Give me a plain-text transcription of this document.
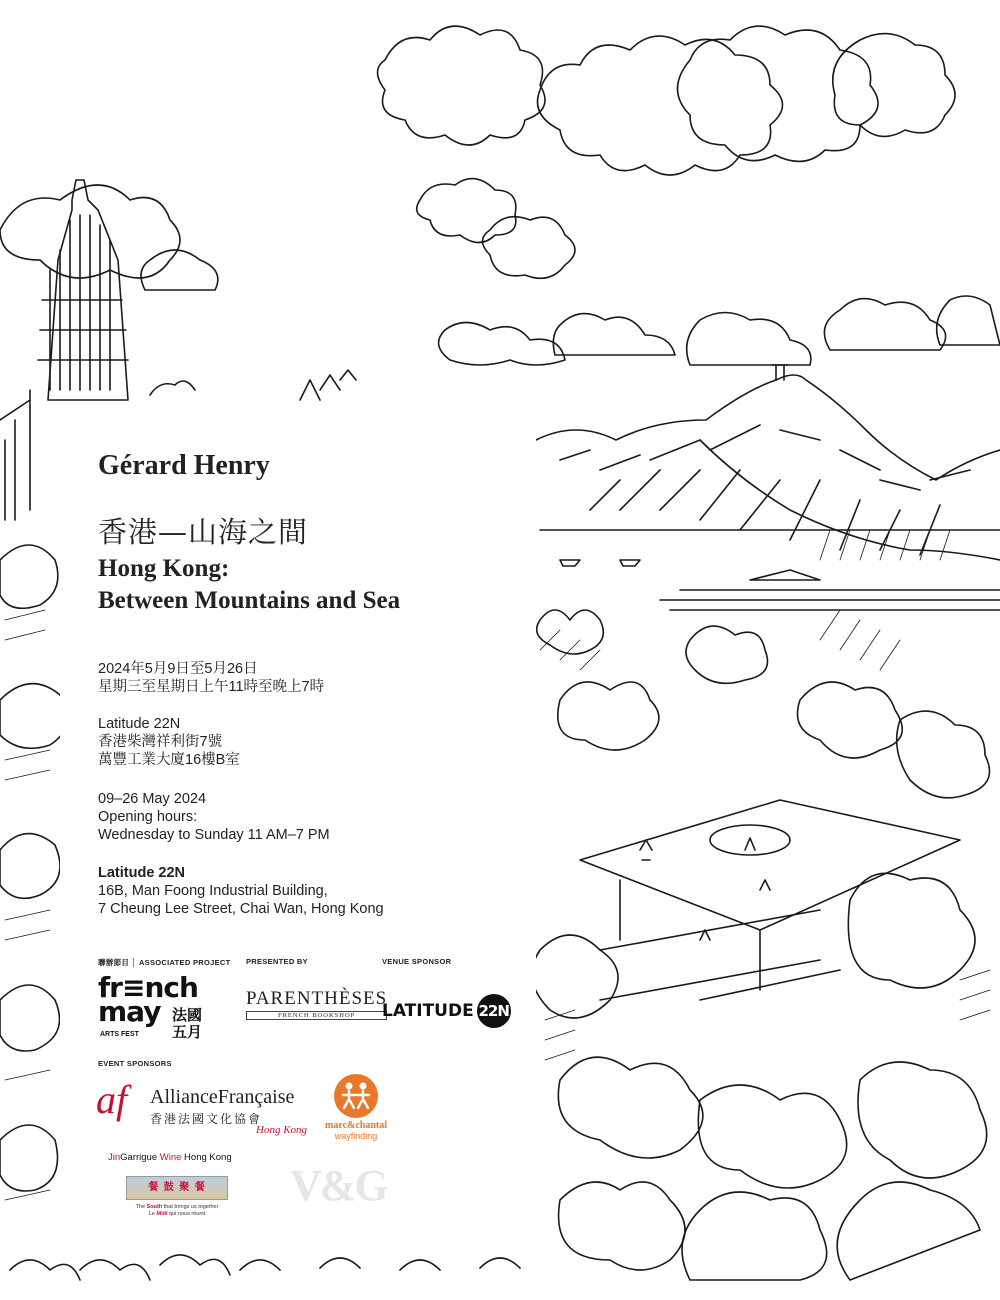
Gérard Henry
香港—山海之間
Hong Kong:
Between Mountains and Sea
2024年5月9日至5月26日
星期三至星期日上午11時至晚上7時
Latitude 22N
香港柴灣祥利街7號
萬豐工業大廈16樓B室
09–26 May 2024
Opening hours:
Wednesday to Sunday 11 AM–7 PM
Latitude 22N
16B, Man Foong Industrial Building,
7 Cheung Lee Street, Chai Wan, Hong Kong
聯辦節目 │ ASSOCIATED PROJECT PRESENTED BY	VENUE SPONSOR
EVENT SPONSORS
fr≡nch
may 法國
五月
ARTS FEST
PARENTHÈSES
FRENCH BOOKSHOP	LATITUDE 22N
af AllianceFrançaise
香港法國文化協會
Hong Kong	marc&chantal
wayfinding
JinGarrigue Wine Hong Kong
餐 鼓 聚 餐
The South that brings us together
Le Midi qui nous réunit
V&G
